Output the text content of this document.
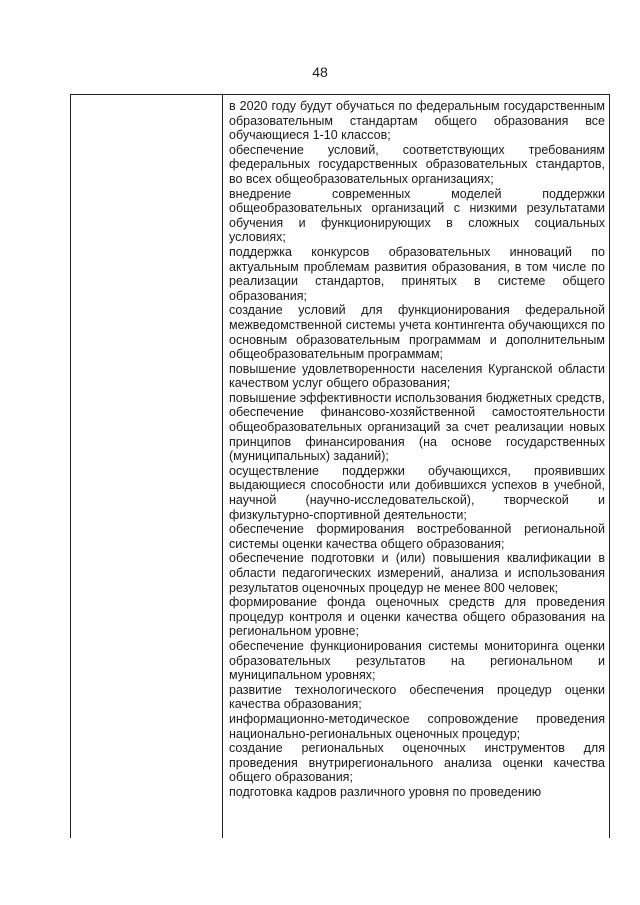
48

в 2020 году будут обучаться по федеральным государственным образовательным стандартам общего образования все обучающиеся 1-10 классов;

обеспечение условий, соответствующих требованиям федеральных государственных образовательных стандартов, во всех общеобразовательных организациях;

внедрение современных моделей поддержки общеобразовательных организаций с низкими результатами обучения и функционирующих в сложных социальных условиях;

поддержка конкурсов образовательных инноваций по актуальным проблемам развития образования, в том числе по реализации стандартов, принятых в системе общего образования;

создание условий для функционирования федеральной межведомственной системы учета контингента обучающихся по основным образовательным программам и дополнительным общеобразовательным программам;

повышение удовлетворенности населения Курганской области качеством услуг общего образования;

повышение эффективности использования бюджетных средств, обеспечение финансово-хозяйственной самостоятельности общеобразовательных организаций за счет реализации новых принципов финансирования (на основе государственных (муниципальных) заданий);

осуществление поддержки обучающихся, проявивших выдающиеся способности или добившихся успехов в учебной, научной (научно-исследовательской), творческой и физкультурно-спортивной деятельности;

обеспечение формирования востребованной региональной системы оценки качества общего образования;

обеспечение подготовки и (или) повышения квалификации в области педагогических измерений, анализа и использования результатов оценочных процедур не менее 800 человек;

формирование фонда оценочных средств для проведения процедур контроля и оценки качества общего образования на региональном уровне;

обеспечение функционирования системы мониторинга оценки образовательных результатов на региональном и муниципальном уровнях;

развитие технологического обеспечения процедур оценки качества образования;

информационно-методическое сопровождение проведения национально-региональных оценочных процедур;

создание региональных оценочных инструментов для проведения внутрирегионального анализа оценки качества общего образования;

подготовка кадров различного уровня по проведению
